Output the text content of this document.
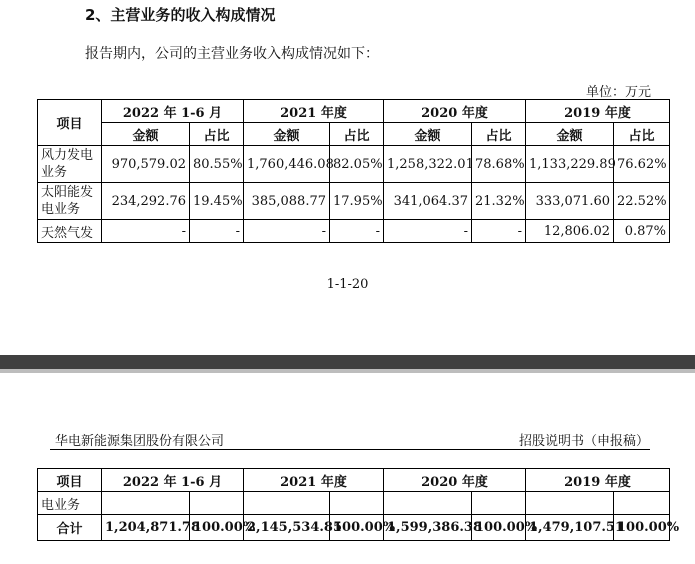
2、主营业务的收入构成情况
报告期内，公司的主营业务收入构成情况如下：
单位：万元
项目	2022 年 1-6 月		2021 年度		2020 年度		2019 年度	
	金额	占比	金额	占比	金额	占比	金额	占比
风力发电业务	970,579.02	80.55%	1,760,446.08	82.05%	1,258,322.01	78.68%	1,133,229.89	76.62%
太阳能发电业务	234,292.76	19.45%	385,088.77	17.95%	341,064.37	21.32%	333,071.60	22.52%
天然气发	-	-	-	-	-	-	12,806.02	0.87%
1-1-20
华电新能源集团股份有限公司	招股说明书（申报稿）
项目	2022 年 1-6 月		2021 年度		2020 年度		2019 年度	
电业务								
合计	1,204,871.78	100.00%	2,145,534.85	100.00%	1,599,386.38	100.00%	1,479,107.51	100.00%
